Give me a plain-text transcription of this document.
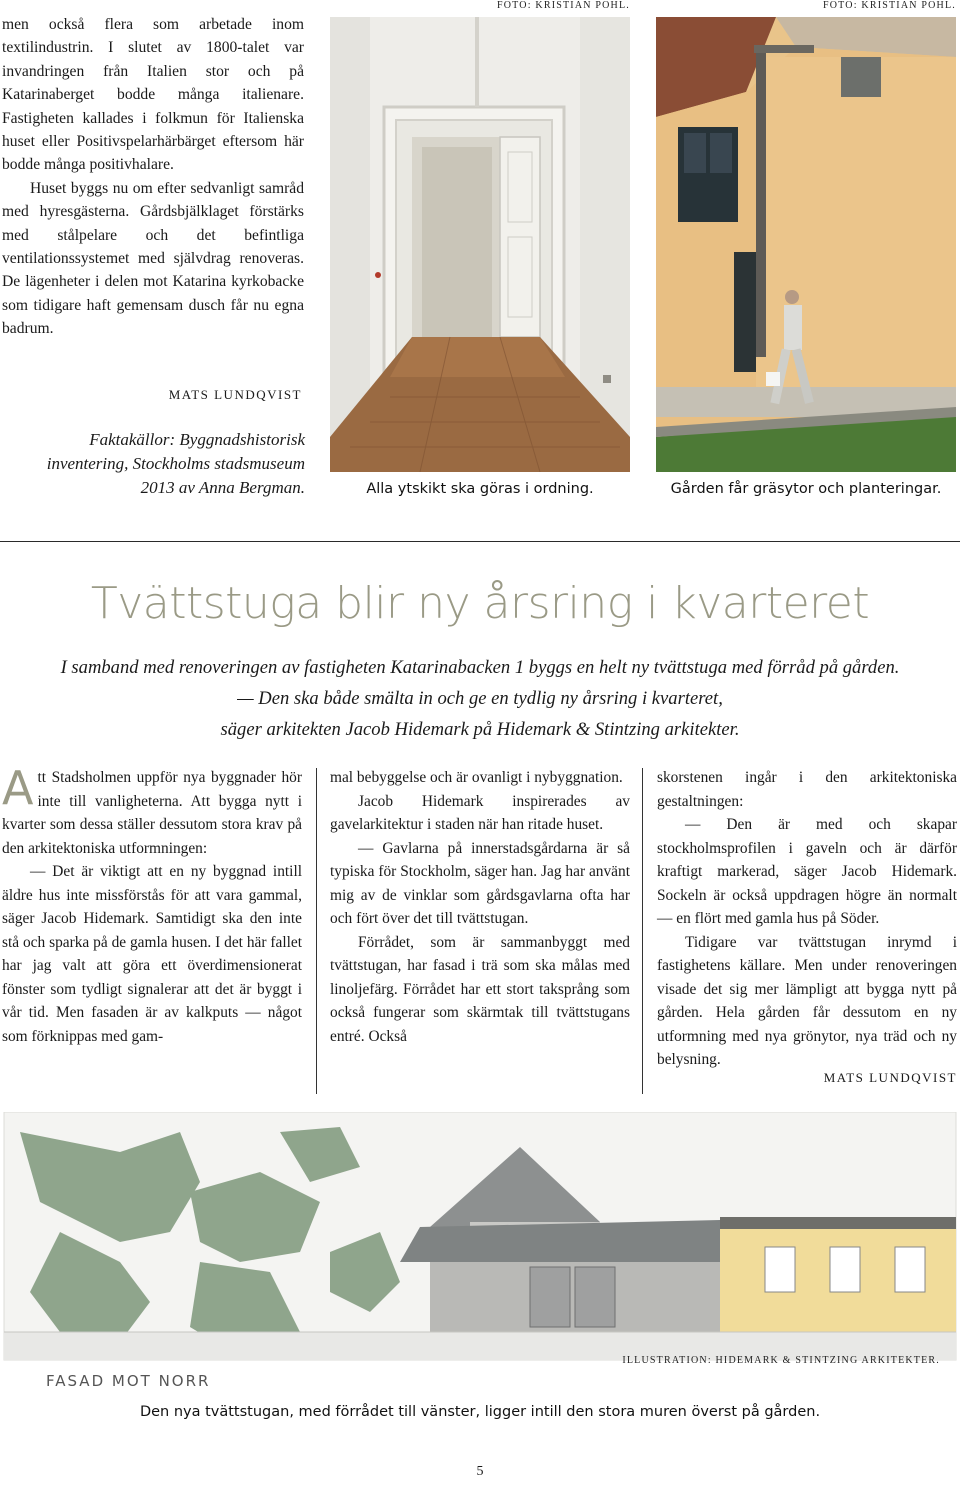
men också flera som arbetade inom textilindustrin. I slutet av 1800-talet var invandringen från Italien stor och på Katarinaberget bodde många italienare. Fastigheten kallades i folkmun för Italienska huset eller Positivspelarhärbärget eftersom här bodde många positivhalare.

Huset byggs nu om efter sedvanligt samråd med hyresgästerna. Gårdsbjälklaget förstärks med stålpelare och det befintliga ventilationssystemet med självdrag renoveras. De lägenheter i delen mot Katarina kyrkobacke som tidigare haft gemensam dusch får nu egna badrum.

MATS LUNDQVIST
Faktakällor: Byggnadshistorisk inventering, Stockholms stadsmuseum 2013 av Anna Bergman.
FOTO: KRISTIAN POHL.
Alla ytskikt ska göras i ordning.
FOTO: KRISTIAN POHL.
Gården får gräsytor och planteringar.
Tvättstuga blir ny årsring i kvarteret
I samband med renoveringen av fastigheten Katarinabacken 1 byggs en helt ny tvättstuga med förråd på gården.
— Den ska både smälta in och ge en tydlig ny årsring i kvarteret,
säger arkitekten Jacob Hidemark på Hidemark & Stintzing arkitekter.

Att Stadsholmen uppför nya byggnader hör inte till vanligheterna. Att bygga nytt i kvarter som dessa ställer dessutom stora krav på den arkitektoniska utformningen:

— Det är viktigt att en ny byggnad intill äldre hus inte missförstås för att vara gammal, säger Jacob Hidemark. Samtidigt ska den inte stå och sparka på de gamla husen. I det här fallet har jag valt att göra ett överdimensionerat fönster som tydligt signalerar att det är byggt i vår tid. Men fasaden är av kalkputs — något som förknippas med gam-

mal bebyggelse och är ovanligt i nybyggnation.

Jacob Hidemark inspirerades av gavelarkitektur i staden när han ritade huset.

— Gavlarna på innerstadsgårdarna är så typiska för Stockholm, säger han. Jag har använt mig av de vinklar som gårdsgavlarna ofta har och fört över det till tvättstugan.

Förrådet, som är sammanbyggt med tvättstugan, har fasad i trä som ska målas med linoljefärg. Förrådet har ett stort taksprång som också fungerar som skärmtak till tvättstugans entré. Också

skorstenen ingår i den arkitektoniska gestaltningen:

— Den är med och skapar stockholmsprofilen i gaveln och är därför kraftigt markerad, säger Jacob Hidemark. Sockeln är också uppdragen högre än normalt — en flört med gamla hus på Söder.

Tidigare var tvättstugan inrymd i fastighetens källare. Men under renoveringen visade det sig mer lämpligt att bygga nytt på gården. Hela gården får dessutom en ny utformning med nya grönytor, nya träd och ny belysning.

MATS LUNDQVIST
FASAD MOT NORR
ILLUSTRATION: HIDEMARK & STINTZING ARKITEKTER.
Den nya tvättstugan, med förrådet till vänster, ligger intill den stora muren överst på gården.
5
